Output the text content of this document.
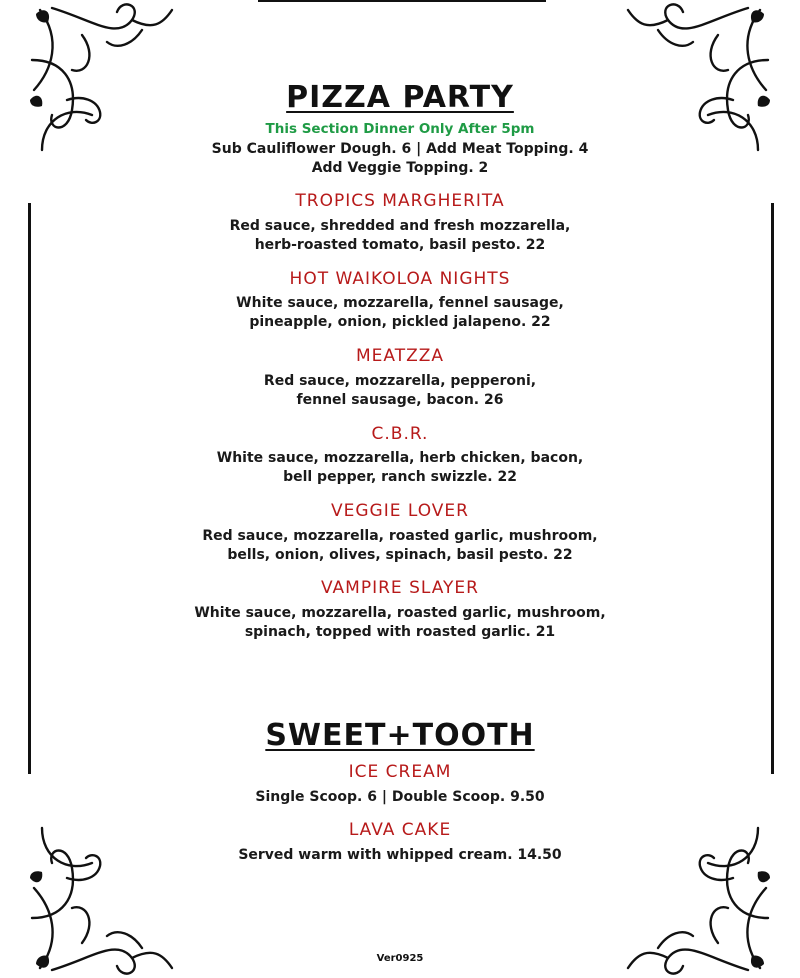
PIZZA PARTY
This Section Dinner Only After 5pm
Sub Cauliflower Dough. 6 | Add Meat Topping. 4
Add Veggie Topping. 2
TROPICS MARGHERITA
Red sauce, shredded and fresh mozzarella,
herb-roasted tomato, basil pesto. 22
HOT WAIKOLOA NIGHTS
White sauce, mozzarella, fennel sausage,
pineapple, onion, pickled jalapeno. 22
MEATZZA
Red sauce, mozzarella, pepperoni,
fennel sausage, bacon. 26
C.B.R.
White sauce, mozzarella, herb chicken, bacon,
bell pepper, ranch swizzle. 22
VEGGIE LOVER
Red sauce, mozzarella, roasted garlic, mushroom,
bells, onion, olives, spinach, basil pesto. 22
VAMPIRE SLAYER
White sauce, mozzarella, roasted garlic, mushroom,
spinach, topped with roasted garlic. 21
SWEET+TOOTH
ICE CREAM
Single Scoop. 6 | Double Scoop. 9.50
LAVA CAKE
Served warm with whipped cream. 14.50
Ver0925
